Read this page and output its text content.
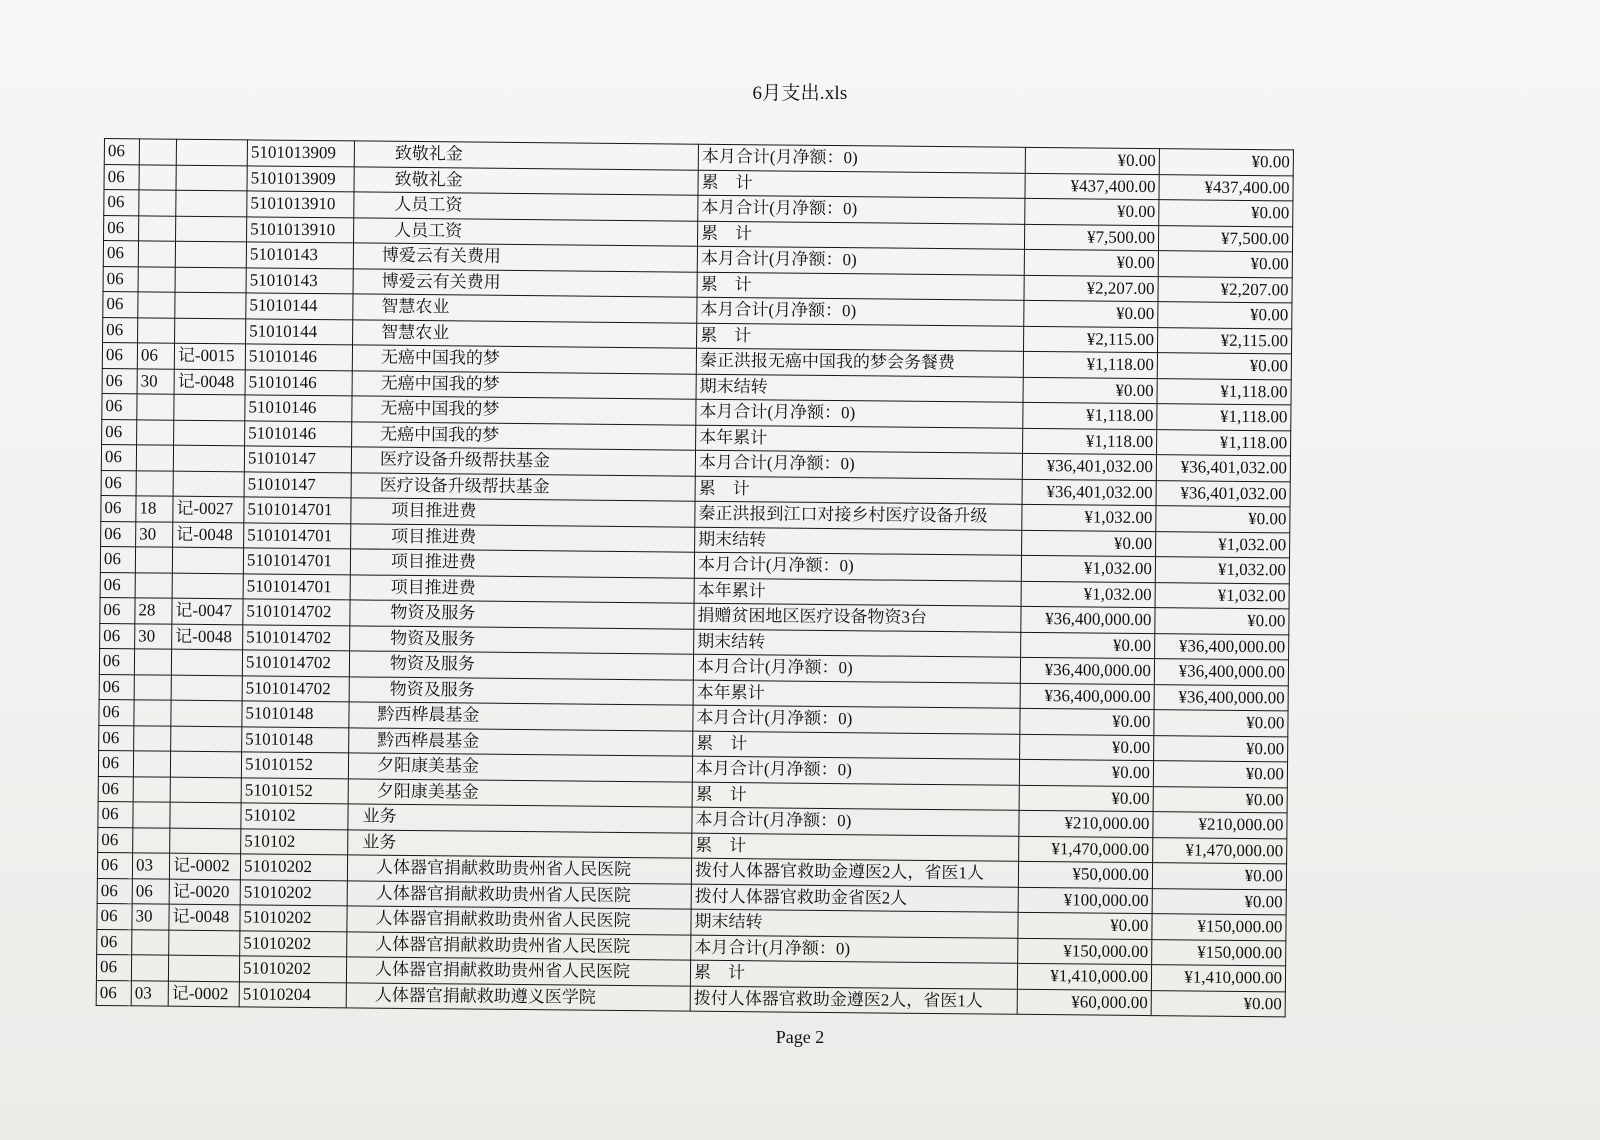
6月支出.xls
06			5101013909	致敬礼金	本月合计(月净额：0)	¥0.00	¥0.00
06			5101013909	致敬礼金	累　计	¥437,400.00	¥437,400.00
06			5101013910	人员工资	本月合计(月净额：0)	¥0.00	¥0.00
06			5101013910	人员工资	累　计	¥7,500.00	¥7,500.00
06			51010143	博爱云有关费用	本月合计(月净额：0)	¥0.00	¥0.00
06			51010143	博爱云有关费用	累　计	¥2,207.00	¥2,207.00
06			51010144	智慧农业	本月合计(月净额：0)	¥0.00	¥0.00
06			51010144	智慧农业	累　计	¥2,115.00	¥2,115.00
06	06	记-0015	51010146	无癌中国我的梦	秦正洪报无癌中国我的梦会务餐费	¥1,118.00	¥0.00
06	30	记-0048	51010146	无癌中国我的梦	期末结转	¥0.00	¥1,118.00
06			51010146	无癌中国我的梦	本月合计(月净额：0)	¥1,118.00	¥1,118.00
06			51010146	无癌中国我的梦	本年累计	¥1,118.00	¥1,118.00
06			51010147	医疗设备升级帮扶基金	本月合计(月净额：0)	¥36,401,032.00	¥36,401,032.00
06			51010147	医疗设备升级帮扶基金	累　计	¥36,401,032.00	¥36,401,032.00
06	18	记-0027	5101014701	项目推进费	秦正洪报到江口对接乡村医疗设备升级	¥1,032.00	¥0.00
06	30	记-0048	5101014701	项目推进费	期末结转	¥0.00	¥1,032.00
06			5101014701	项目推进费	本月合计(月净额：0)	¥1,032.00	¥1,032.00
06			5101014701	项目推进费	本年累计	¥1,032.00	¥1,032.00
06	28	记-0047	5101014702	物资及服务	捐赠贫困地区医疗设备物资3台	¥36,400,000.00	¥0.00
06	30	记-0048	5101014702	物资及服务	期末结转	¥0.00	¥36,400,000.00
06			5101014702	物资及服务	本月合计(月净额：0)	¥36,400,000.00	¥36,400,000.00
06			5101014702	物资及服务	本年累计	¥36,400,000.00	¥36,400,000.00
06			51010148	黔西桦晨基金	本月合计(月净额：0)	¥0.00	¥0.00
06			51010148	黔西桦晨基金	累　计	¥0.00	¥0.00
06			51010152	夕阳康美基金	本月合计(月净额：0)	¥0.00	¥0.00
06			51010152	夕阳康美基金	累　计	¥0.00	¥0.00
06			510102	业务	本月合计(月净额：0)	¥210,000.00	¥210,000.00
06			510102	业务	累　计	¥1,470,000.00	¥1,470,000.00
06	03	记-0002	51010202	人体器官捐献救助贵州省人民医院	拨付人体器官救助金遵医2人，省医1人	¥50,000.00	¥0.00
06	06	记-0020	51010202	人体器官捐献救助贵州省人民医院	拨付人体器官救助金省医2人	¥100,000.00	¥0.00
06	30	记-0048	51010202	人体器官捐献救助贵州省人民医院	期末结转	¥0.00	¥150,000.00
06			51010202	人体器官捐献救助贵州省人民医院	本月合计(月净额：0)	¥150,000.00	¥150,000.00
06			51010202	人体器官捐献救助贵州省人民医院	累　计	¥1,410,000.00	¥1,410,000.00
06	03	记-0002	51010204	人体器官捐献救助遵义医学院	拨付人体器官救助金遵医2人，省医1人	¥60,000.00	¥0.00
Page 2
